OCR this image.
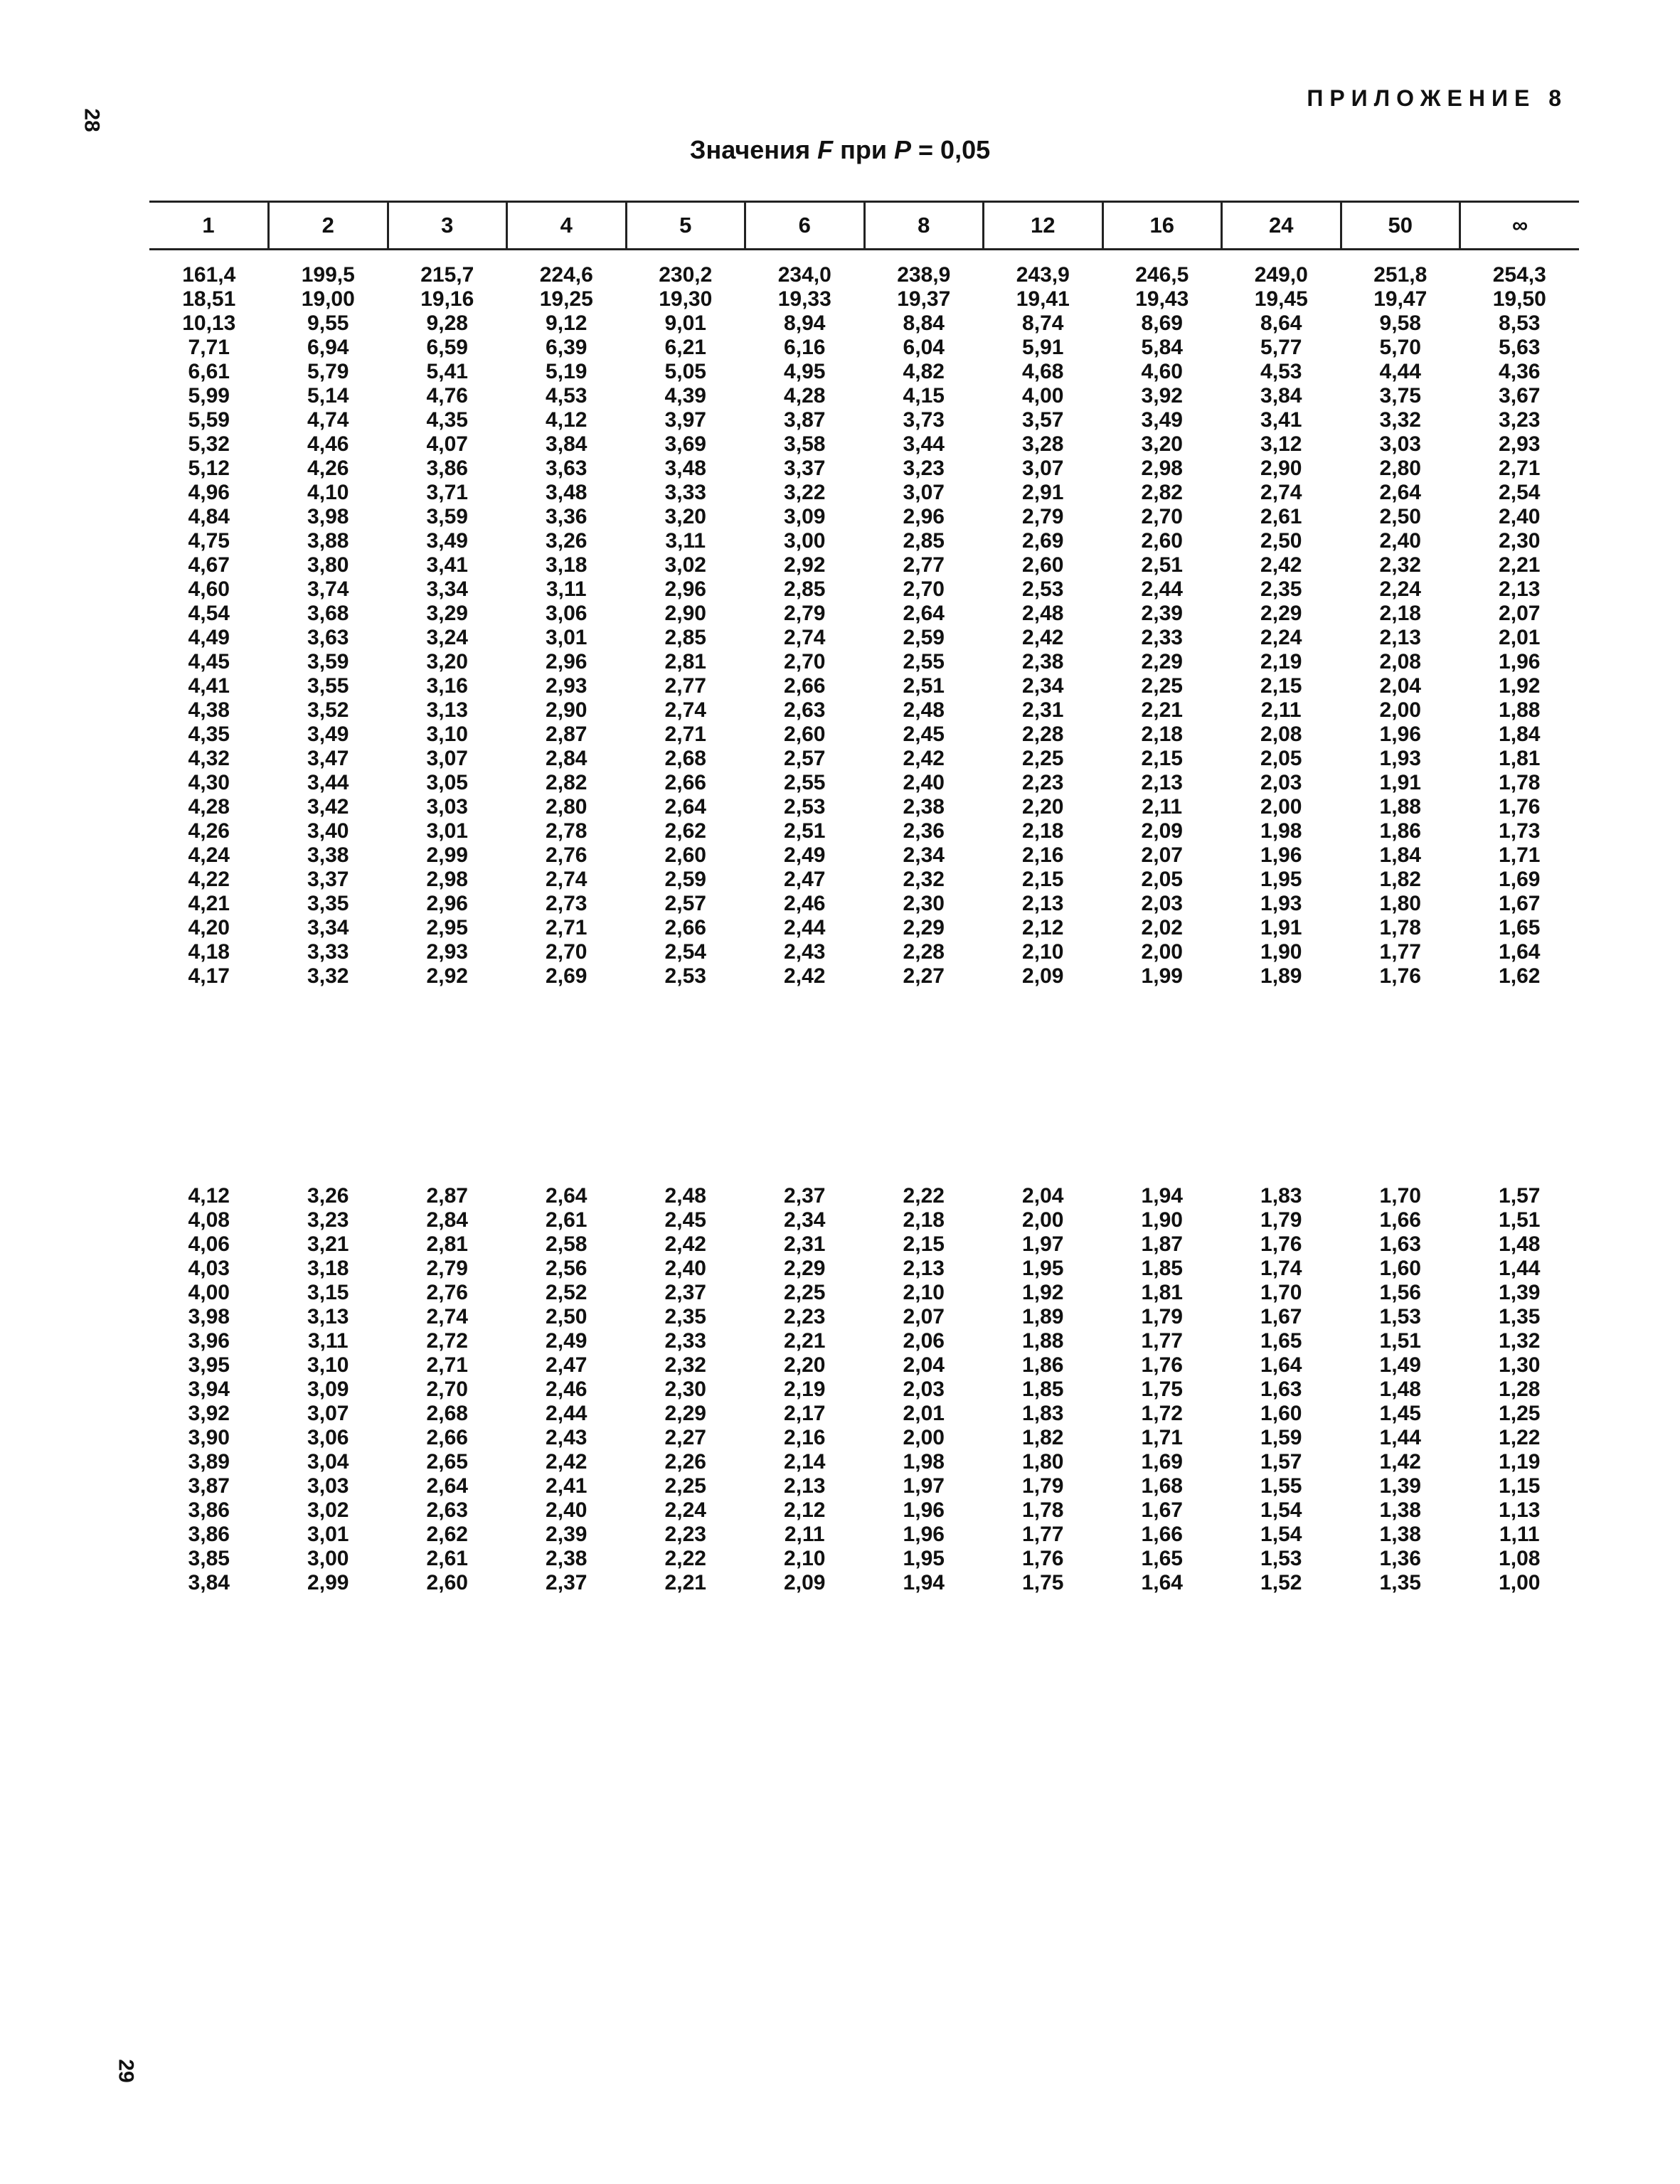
28
ПРИЛОЖЕНИЕ 8
Значения F при P = 0,05
1	2	3	4	5	6	8	12	16	24	50	∞
161,4	199,5	215,7	224,6	230,2	234,0	238,9	243,9	246,5	249,0	251,8	254,3
18,51	19,00	19,16	19,25	19,30	19,33	19,37	19,41	19,43	19,45	19,47	19,50
10,13	9,55	9,28	9,12	9,01	8,94	8,84	8,74	8,69	8,64	9,58	8,53
7,71	6,94	6,59	6,39	6,21	6,16	6,04	5,91	5,84	5,77	5,70	5,63
6,61	5,79	5,41	5,19	5,05	4,95	4,82	4,68	4,60	4,53	4,44	4,36
5,99	5,14	4,76	4,53	4,39	4,28	4,15	4,00	3,92	3,84	3,75	3,67
5,59	4,74	4,35	4,12	3,97	3,87	3,73	3,57	3,49	3,41	3,32	3,23
5,32	4,46	4,07	3,84	3,69	3,58	3,44	3,28	3,20	3,12	3,03	2,93
5,12	4,26	3,86	3,63	3,48	3,37	3,23	3,07	2,98	2,90	2,80	2,71
4,96	4,10	3,71	3,48	3,33	3,22	3,07	2,91	2,82	2,74	2,64	2,54
4,84	3,98	3,59	3,36	3,20	3,09	2,96	2,79	2,70	2,61	2,50	2,40
4,75	3,88	3,49	3,26	3,11	3,00	2,85	2,69	2,60	2,50	2,40	2,30
4,67	3,80	3,41	3,18	3,02	2,92	2,77	2,60	2,51	2,42	2,32	2,21
4,60	3,74	3,34	3,11	2,96	2,85	2,70	2,53	2,44	2,35	2,24	2,13
4,54	3,68	3,29	3,06	2,90	2,79	2,64	2,48	2,39	2,29	2,18	2,07
4,49	3,63	3,24	3,01	2,85	2,74	2,59	2,42	2,33	2,24	2,13	2,01
4,45	3,59	3,20	2,96	2,81	2,70	2,55	2,38	2,29	2,19	2,08	1,96
4,41	3,55	3,16	2,93	2,77	2,66	2,51	2,34	2,25	2,15	2,04	1,92
4,38	3,52	3,13	2,90	2,74	2,63	2,48	2,31	2,21	2,11	2,00	1,88
4,35	3,49	3,10	2,87	2,71	2,60	2,45	2,28	2,18	2,08	1,96	1,84
4,32	3,47	3,07	2,84	2,68	2,57	2,42	2,25	2,15	2,05	1,93	1,81
4,30	3,44	3,05	2,82	2,66	2,55	2,40	2,23	2,13	2,03	1,91	1,78
4,28	3,42	3,03	2,80	2,64	2,53	2,38	2,20	2,11	2,00	1,88	1,76
4,26	3,40	3,01	2,78	2,62	2,51	2,36	2,18	2,09	1,98	1,86	1,73
4,24	3,38	2,99	2,76	2,60	2,49	2,34	2,16	2,07	1,96	1,84	1,71
4,22	3,37	2,98	2,74	2,59	2,47	2,32	2,15	2,05	1,95	1,82	1,69
4,21	3,35	2,96	2,73	2,57	2,46	2,30	2,13	2,03	1,93	1,80	1,67
4,20	3,34	2,95	2,71	2,66	2,44	2,29	2,12	2,02	1,91	1,78	1,65
4,18	3,33	2,93	2,70	2,54	2,43	2,28	2,10	2,00	1,90	1,77	1,64
4,17	3,32	2,92	2,69	2,53	2,42	2,27	2,09	1,99	1,89	1,76	1,62
4,12	3,26	2,87	2,64	2,48	2,37	2,22	2,04	1,94	1,83	1,70	1,57
4,08	3,23	2,84	2,61	2,45	2,34	2,18	2,00	1,90	1,79	1,66	1,51
4,06	3,21	2,81	2,58	2,42	2,31	2,15	1,97	1,87	1,76	1,63	1,48
4,03	3,18	2,79	2,56	2,40	2,29	2,13	1,95	1,85	1,74	1,60	1,44
4,00	3,15	2,76	2,52	2,37	2,25	2,10	1,92	1,81	1,70	1,56	1,39
3,98	3,13	2,74	2,50	2,35	2,23	2,07	1,89	1,79	1,67	1,53	1,35
3,96	3,11	2,72	2,49	2,33	2,21	2,06	1,88	1,77	1,65	1,51	1,32
3,95	3,10	2,71	2,47	2,32	2,20	2,04	1,86	1,76	1,64	1,49	1,30
3,94	3,09	2,70	2,46	2,30	2,19	2,03	1,85	1,75	1,63	1,48	1,28
3,92	3,07	2,68	2,44	2,29	2,17	2,01	1,83	1,72	1,60	1,45	1,25
3,90	3,06	2,66	2,43	2,27	2,16	2,00	1,82	1,71	1,59	1,44	1,22
3,89	3,04	2,65	2,42	2,26	2,14	1,98	1,80	1,69	1,57	1,42	1,19
3,87	3,03	2,64	2,41	2,25	2,13	1,97	1,79	1,68	1,55	1,39	1,15
3,86	3,02	2,63	2,40	2,24	2,12	1,96	1,78	1,67	1,54	1,38	1,13
3,86	3,01	2,62	2,39	2,23	2,11	1,96	1,77	1,66	1,54	1,38	1,11
3,85	3,00	2,61	2,38	2,22	2,10	1,95	1,76	1,65	1,53	1,36	1,08
3,84	2,99	2,60	2,37	2,21	2,09	1,94	1,75	1,64	1,52	1,35	1,00
29
